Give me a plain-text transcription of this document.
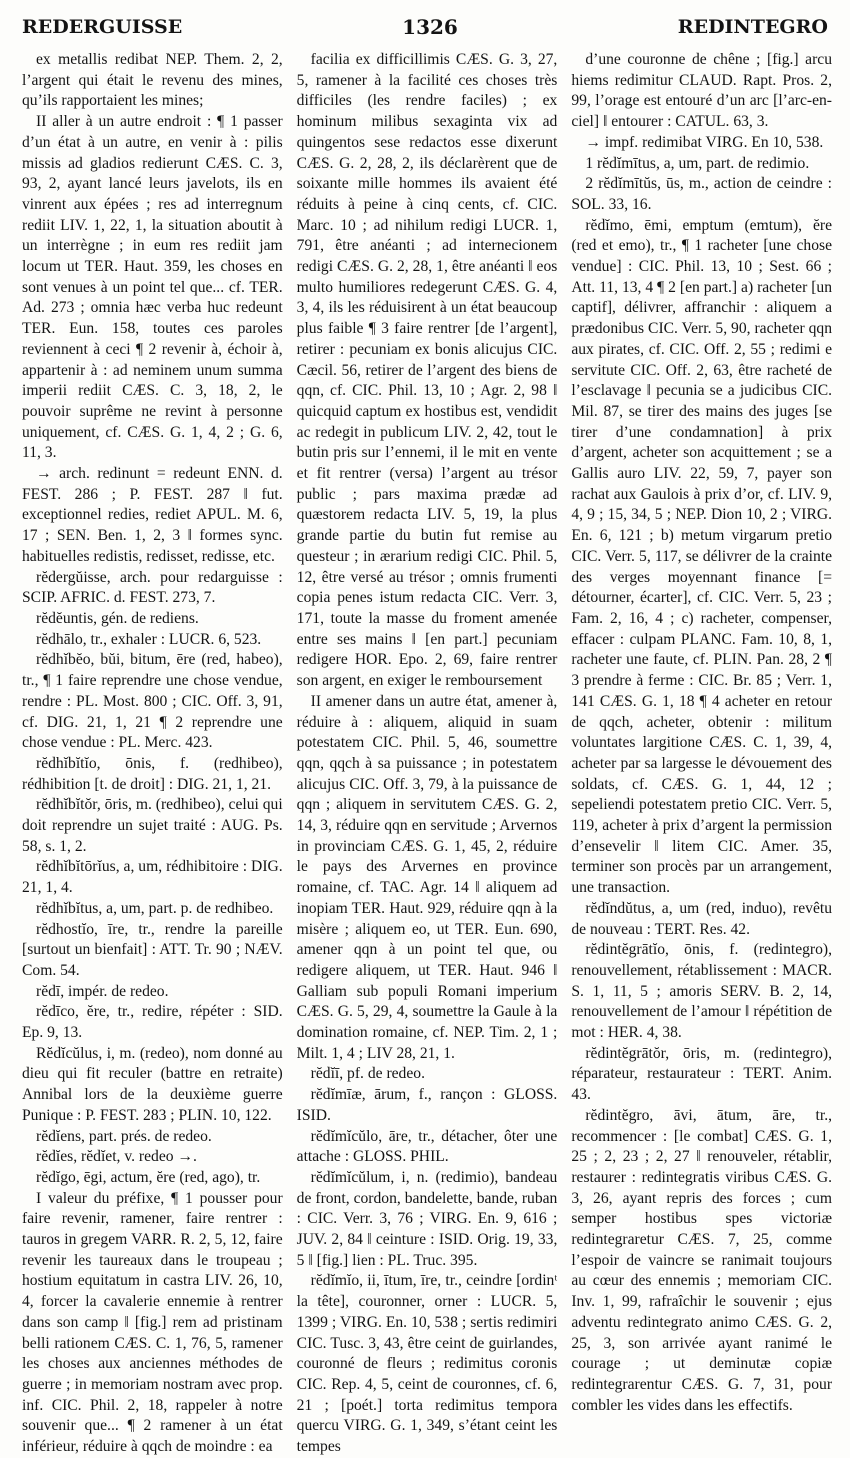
REDERGUISSE	1326	REDINTEGRO

ex metallis redibat NEP. Them. 2, 2, l’argent qui était le revenu des mines, qu’ils rapportaient les mines;

II aller à un autre endroit : ¶ 1 passer d’un état à un autre, en venir à : pilis missis ad gladios redierunt CÆS. C. 3, 93, 2, ayant lancé leurs javelots, ils en vinrent aux épées ; res ad interregnum rediit LIV. 1, 22, 1, la situation aboutit à un interrègne ; in eum res rediit jam locum ut TER. Haut. 359, les choses en sont venues à un point tel que... cf. TER. Ad. 273 ; omnia hæc verba huc redeunt TER. Eun. 158, toutes ces paroles reviennent à ceci ¶ 2 revenir à, échoir à, appartenir à : ad neminem unum summa imperii rediit CÆS. C. 3, 18, 2, le pouvoir suprême ne revint à personne uniquement, cf. CÆS. G. 1, 4, 2 ; G. 6, 11, 3.

→ arch. redinunt = redeunt ENN. d. FEST. 286 ; P. FEST. 287 ‖ fut. exceptionnel redies, rediet APUL. M. 6, 17 ; SEN. Ben. 1, 2, 3 ‖ formes sync. habituelles redistis, redisset, redisse, etc.

rĕdergŭisse, arch. pour redarguisse : SCIP. AFRIC. d. FEST. 273, 7.

rĕdĕuntis, gén. de rediens.

rĕdhālo, tr., exhaler : LUCR. 6, 523.

rĕdhĭbĕo, bŭi, bitum, ēre (red, habeo), tr., ¶ 1 faire reprendre une chose vendue, rendre : PL. Most. 800 ; CIC. Off. 3, 91, cf. DIG. 21, 1, 21 ¶ 2 reprendre une chose vendue : PL. Merc. 423.

rĕdhĭbĭtĭo, ōnis, f. (redhibeo), rédhibition [t. de droit] : DIG. 21, 1, 21.

rĕdhĭbĭtŏr, ōris, m. (redhibeo), celui qui doit reprendre un sujet traité : AUG. Ps. 58, s. 1, 2.

rĕdhĭbĭtōrĭus, a, um, rédhibitoire : DIG. 21, 1, 4.

rĕdhĭbĭtus, a, um, part. p. de redhibeo.

rĕdhostĭo, īre, tr., rendre la pareille [surtout un bienfait] : ATT. Tr. 90 ; NÆV. Com. 54.

rĕdī, impér. de redeo.

rĕdīco, ĕre, tr., redire, répéter : SID. Ep. 9, 13.

Rĕdĭcŭlus, i, m. (redeo), nom donné au dieu qui fit reculer (battre en retraite) Annibal lors de la deuxième guerre Punique : P. FEST. 283 ; PLIN. 10, 122.

rĕdĭens, part. prés. de redeo.

rĕdĭes, rĕdĭet, v. redeo →.

rĕdĭgo, ēgi, actum, ĕre (red, ago), tr.

I valeur du préfixe, ¶ 1 pousser pour faire revenir, ramener, faire rentrer : tauros in gregem VARR. R. 2, 5, 12, faire revenir les taureaux dans le troupeau ; hostium equitatum in castra LIV. 26, 10, 4, forcer la cavalerie ennemie à rentrer dans son camp ‖ [fig.] rem ad pristinam belli rationem CÆS. C. 1, 76, 5, ramener les choses aux anciennes méthodes de guerre ; in memoriam nostram avec prop. inf. CIC. Phil. 2, 18, rappeler à notre souvenir que... ¶ 2 ramener à un état inférieur, réduire à qqch de moindre : ea

facilia ex difficillimis CÆS. G. 3, 27, 5, ramener à la facilité ces choses très difficiles (les rendre faciles) ; ex hominum milibus sexaginta vix ad quingentos sese redactos esse dixerunt CÆS. G. 2, 28, 2, ils déclarèrent que de soixante mille hommes ils avaient été réduits à peine à cinq cents, cf. CIC. Marc. 10 ; ad nihilum redigi LUCR. 1, 791, être anéanti ; ad internecionem redigi CÆS. G. 2, 28, 1, être anéanti ‖ eos multo humiliores redegerunt CÆS. G. 4, 3, 4, ils les réduisirent à un état beaucoup plus faible ¶ 3 faire rentrer [de l’argent], retirer : pecuniam ex bonis alicujus CIC. Cæcil. 56, retirer de l’argent des biens de qqn, cf. CIC. Phil. 13, 10 ; Agr. 2, 98 ‖ quicquid captum ex hostibus est, vendidit ac redegit in publicum LIV. 2, 42, tout le butin pris sur l’ennemi, il le mit en vente et fit rentrer (versa) l’argent au trésor public ; pars maxima prædæ ad quæstorem redacta LIV. 5, 19, la plus grande partie du butin fut remise au questeur ; in ærarium redigi CIC. Phil. 5, 12, être versé au trésor ; omnis frumenti copia penes istum redacta CIC. Verr. 3, 171, toute la masse du froment amenée entre ses mains ‖ [en part.] pecuniam redigere HOR. Epo. 2, 69, faire rentrer son argent, en exiger le remboursement

II amener dans un autre état, amener à, réduire à : aliquem, aliquid in suam potestatem CIC. Phil. 5, 46, soumettre qqn, qqch à sa puissance ; in potestatem alicujus CIC. Off. 3, 79, à la puissance de qqn ; aliquem in servitutem CÆS. G. 2, 14, 3, réduire qqn en servitude ; Arvernos in provinciam CÆS. G. 1, 45, 2, réduire le pays des Arvernes en province romaine, cf. TAC. Agr. 14 ‖ aliquem ad inopiam TER. Haut. 929, réduire qqn à la misère ; aliquem eo, ut TER. Eun. 690, amener qqn à un point tel que, ou redigere aliquem, ut TER. Haut. 946 ‖ Galliam sub populi Romani imperium CÆS. G. 5, 29, 4, soumettre la Gaule à la domination romaine, cf. NEP. Tim. 2, 1 ; Milt. 1, 4 ; LIV 28, 21, 1.

rĕdĭī, pf. de redeo.

rĕdĭmīæ, ārum, f., rançon : GLOSS. ISID.

rĕdĭmĭcŭlo, āre, tr., détacher, ôter une attache : GLOSS. PHIL.

rĕdĭmĭcŭlum, i, n. (redimio), bandeau de front, cordon, bandelette, bande, ruban : CIC. Verr. 3, 76 ; VIRG. En. 9, 616 ; JUV. 2, 84 ‖ ceinture : ISID. Orig. 19, 33, 5 ‖ [fig.] lien : PL. Truc. 395.

rĕdĭmĭo, ii, ītum, īre, tr., ceindre [ordinᵗ la tête], couronner, orner : LUCR. 5, 1399 ; VIRG. En. 10, 538 ; sertis redimiri CIC. Tusc. 3, 43, être ceint de guirlandes, couronné de fleurs ; redimitus coronis CIC. Rep. 4, 5, ceint de couronnes, cf. 6, 21 ; [poét.] torta redimitus tempora quercu VIRG. G. 1, 349, s’étant ceint les tempes

d’une couronne de chêne ; [fig.] arcu hiems redimitur CLAUD. Rapt. Pros. 2, 99, l’orage est entouré d’un arc [l’arc-en-ciel] ‖ entourer : CATUL. 63, 3.

→ impf. redimibat VIRG. En 10, 538.

1 rĕdĭmītus, a, um, part. de redimio.

2 rĕdĭmītŭs, ūs, m., action de ceindre : SOL. 33, 16.

rĕdĭmo, ēmi, emptum (emtum), ĕre (red et emo), tr., ¶ 1 racheter [une chose vendue] : CIC. Phil. 13, 10 ; Sest. 66 ; Att. 11, 13, 4 ¶ 2 [en part.] a) racheter [un captif], délivrer, affranchir : aliquem a prædonibus CIC. Verr. 5, 90, racheter qqn aux pirates, cf. CIC. Off. 2, 55 ; redimi e servitute CIC. Off. 2, 63, être racheté de l’esclavage ‖ pecunia se a judicibus CIC. Mil. 87, se tirer des mains des juges [se tirer d’une condamnation] à prix d’argent, acheter son acquittement ; se a Gallis auro LIV. 22, 59, 7, payer son rachat aux Gaulois à prix d’or, cf. LIV. 9, 4, 9 ; 15, 34, 5 ; NEP. Dion 10, 2 ; VIRG. En. 6, 121 ; b) metum virgarum pretio CIC. Verr. 5, 117, se délivrer de la crainte des verges moyennant finance [= détourner, écarter], cf. CIC. Verr. 5, 23 ; Fam. 2, 16, 4 ; c) racheter, compenser, effacer : culpam PLANC. Fam. 10, 8, 1, racheter une faute, cf. PLIN. Pan. 28, 2 ¶ 3 prendre à ferme : CIC. Br. 85 ; Verr. 1, 141 CÆS. G. 1, 18 ¶ 4 acheter en retour de qqch, acheter, obtenir : militum voluntates largitione CÆS. C. 1, 39, 4, acheter par sa largesse le dévouement des soldats, cf. CÆS. G. 1, 44, 12 ; sepeliendi potestatem pretio CIC. Verr. 5, 119, acheter à prix d’argent la permission d’ensevelir ‖ litem CIC. Amer. 35, terminer son procès par un arrangement, une transaction.

rĕdĭndŭtus, a, um (red, induo), revêtu de nouveau : TERT. Res. 42.

rĕdintĕgrātĭo, ōnis, f. (redintegro), renouvellement, rétablissement : MACR. S. 1, 11, 5 ; amoris SERV. B. 2, 14, renouvellement de l’amour ‖ répétition de mot : HER. 4, 38.

rĕdintĕgrātŏr, ōris, m. (redintegro), réparateur, restaurateur : TERT. Anim. 43.

rĕdintĕgro, āvi, ātum, āre, tr., recommencer : [le combat] CÆS. G. 1, 25 ; 2, 23 ; 2, 27 ‖ renouveler, rétablir, restaurer : redintegratis viribus CÆS. G. 3, 26, ayant repris des forces ; cum semper hostibus spes victoriæ redintegraretur CÆS. 7, 25, comme l’espoir de vaincre se ranimait toujours au cœur des ennemis ; memoriam CIC. Inv. 1, 99, rafraîchir le souvenir ; ejus adventu redintegrato animo CÆS. G. 2, 25, 3, son arrivée ayant ranimé le courage ; ut deminutæ copiæ redintegrarentur CÆS. G. 7, 31, pour combler les vides dans les effectifs.
